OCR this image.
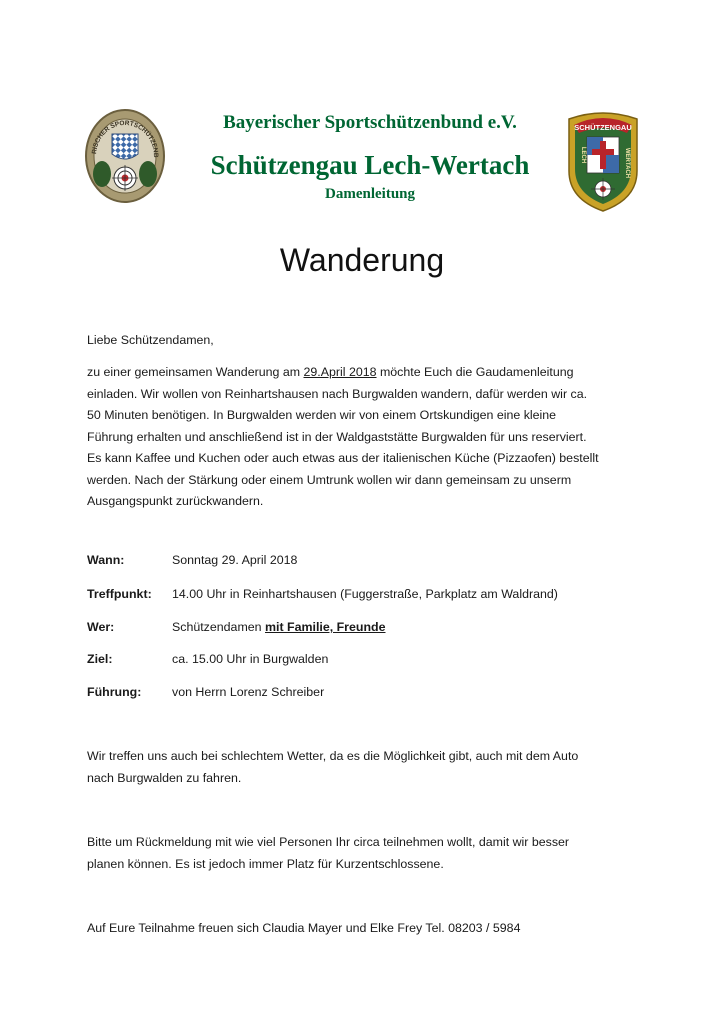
RISCHER SPORTSCHÜTZENB
Bayerischer Sportschützenbund e.V.
Schützengau Lech-Wertach
Damenleitung
SCHÜTZENGAU
LECH	WERTACH
Wanderung
Liebe Schützendamen,
zu einer gemeinsamen Wanderung am 29.April 2018 möchte Euch die Gaudamenleitung
einladen. Wir wollen von Reinhartshausen nach Burgwalden wandern, dafür werden wir ca.
50 Minuten benötigen. In Burgwalden werden wir von einem Ortskundigen eine kleine
Führung erhalten und anschließend ist in der Waldgaststätte Burgwalden für uns reserviert.
Es kann Kaffee und Kuchen oder auch etwas aus der italienischen Küche (Pizzaofen) bestellt
werden. Nach der Stärkung oder einem Umtrunk wollen wir dann gemeinsam zu unserm
Ausgangspunkt zurückwandern.
Wann:	Sonntag 29. April 2018
Treffpunkt: 14.00 Uhr in Reinhartshausen (Fuggerstraße, Parkplatz am Waldrand)
Wer:	Schützendamen mit Familie, Freunde
Ziel:	ca. 15.00 Uhr in Burgwalden
Führung: von Herrn Lorenz Schreiber
Wir treffen uns auch bei schlechtem Wetter, da es die Möglichkeit gibt, auch mit dem Auto
nach Burgwalden zu fahren.
Bitte um Rückmeldung mit wie viel Personen Ihr circa teilnehmen wollt, damit wir besser
planen können. Es ist jedoch immer Platz für Kurzentschlossene.
Auf Eure Teilnahme freuen sich Claudia Mayer und Elke Frey Tel. 08203 / 5984
